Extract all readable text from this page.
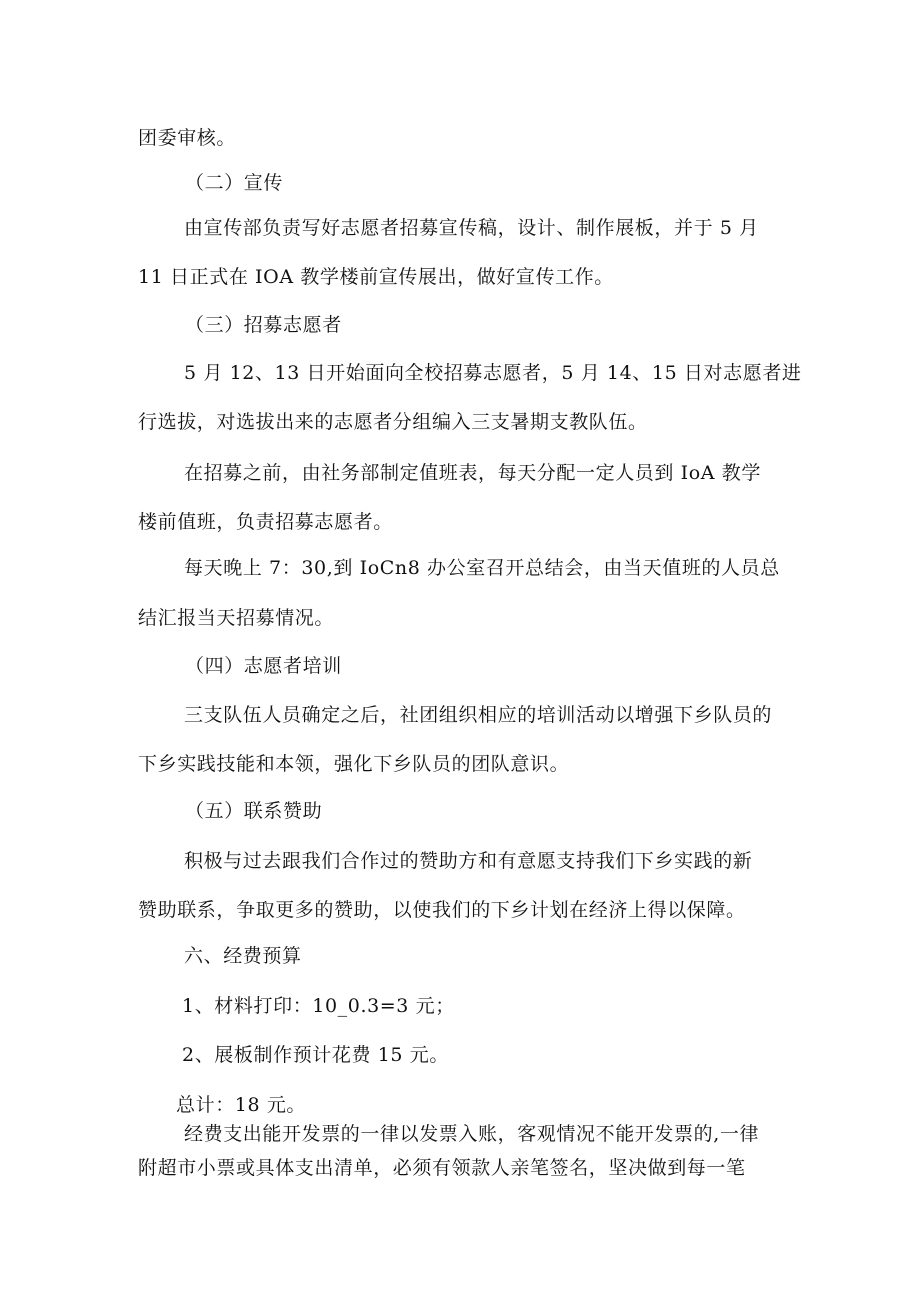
团委审核。

（二）宣传

由宣传部负责写好志愿者招募宣传稿，设计、制作展板，并于 5 月

11 日正式在 IOA 教学楼前宣传展出，做好宣传工作。

（三）招募志愿者

5 月 12、13 日开始面向全校招募志愿者，5 月 14、15 日对志愿者进

行选拔，对选拔出来的志愿者分组编入三支暑期支教队伍。

在招募之前，由社务部制定值班表，每天分配一定人员到 IoA 教学

楼前值班，负责招募志愿者。

每天晚上 7：30,到 IoCn8 办公室召开总结会，由当天值班的人员总

结汇报当天招募情况。

（四）志愿者培训

三支队伍人员确定之后，社团组织相应的培训活动以增强下乡队员的

下乡实践技能和本领，强化下乡队员的团队意识。

（五）联系赞助

积极与过去跟我们合作过的赞助方和有意愿支持我们下乡实践的新

赞助联系，争取更多的赞助，以使我们的下乡计划在经济上得以保障。

六、经费预算

1、材料打印：10_0.3=3 元；

2、展板制作预计花费 15 元。

总计：18 元。

经费支出能开发票的一律以发票入账，客观情况不能开发票的,一律

附超市小票或具体支出清单，必须有领款人亲笔签名，坚决做到每一笔
